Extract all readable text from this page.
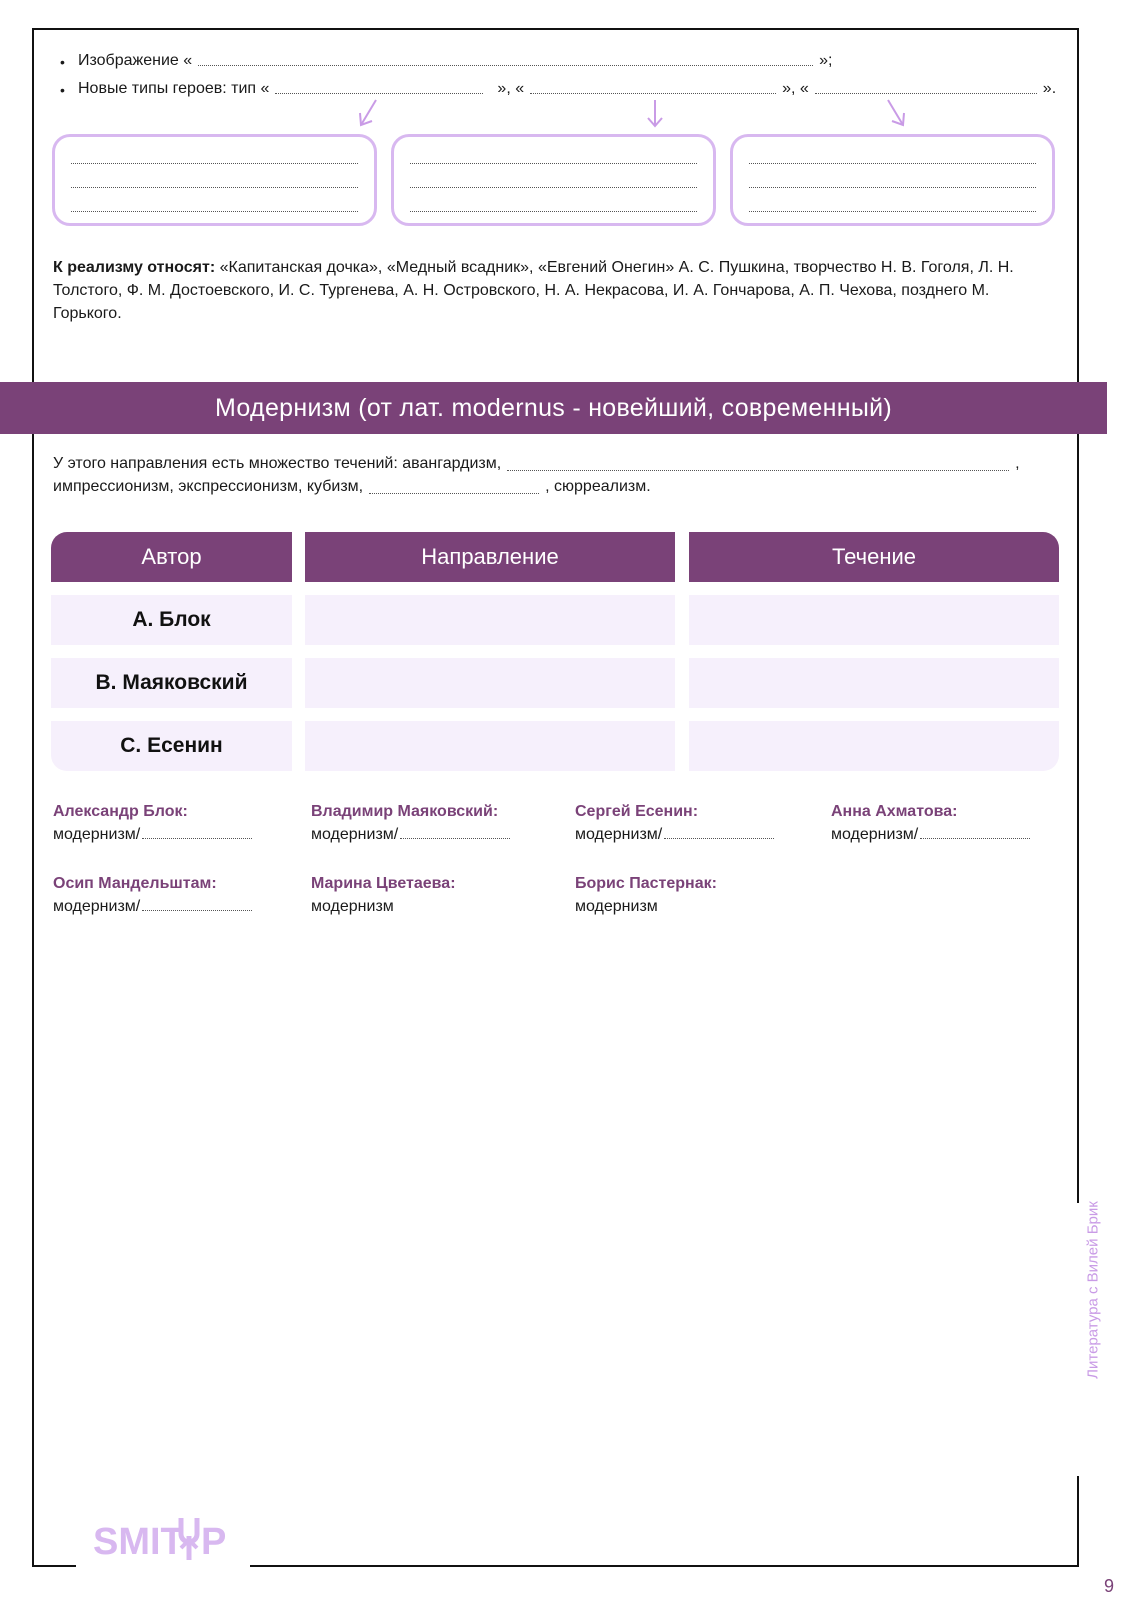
• Изображение «	»;
• Новые типы героев: тип «	», «	», «	».
К реализму относят: «Капитанская дочка», «Медный всадник», «Евгений Онегин» А. С. Пушкина, творчество Н. В. Гоголя, Л. Н. Толстого, Ф. М. Достоевского, И. С. Тургенева, А. Н. Островского, Н. А. Некрасова, И. А. Гончарова, А. П. Чехова, позднего М. Горького.
Модернизм (от лат. modernus - новейший, современный)
У этого направления есть множество течений: авангардизм,	,
импрессионизм, экспрессионизм, кубизм,	, сюрреализм.
Автор	Направление	Течение
А. Блок
В. Маяковский
С. Есенин
Александр Блок:
модернизм/
Владимир Маяковский:
модернизм/
Сергей Есенин:
модернизм/
Анна Ахматова:
модернизм/
Осип Мандельштам:
модернизм/
Марина Цветаева:
модернизм
Борис Пастернак:
модернизм
Литература с Вилей Брик
9
SMIT P
